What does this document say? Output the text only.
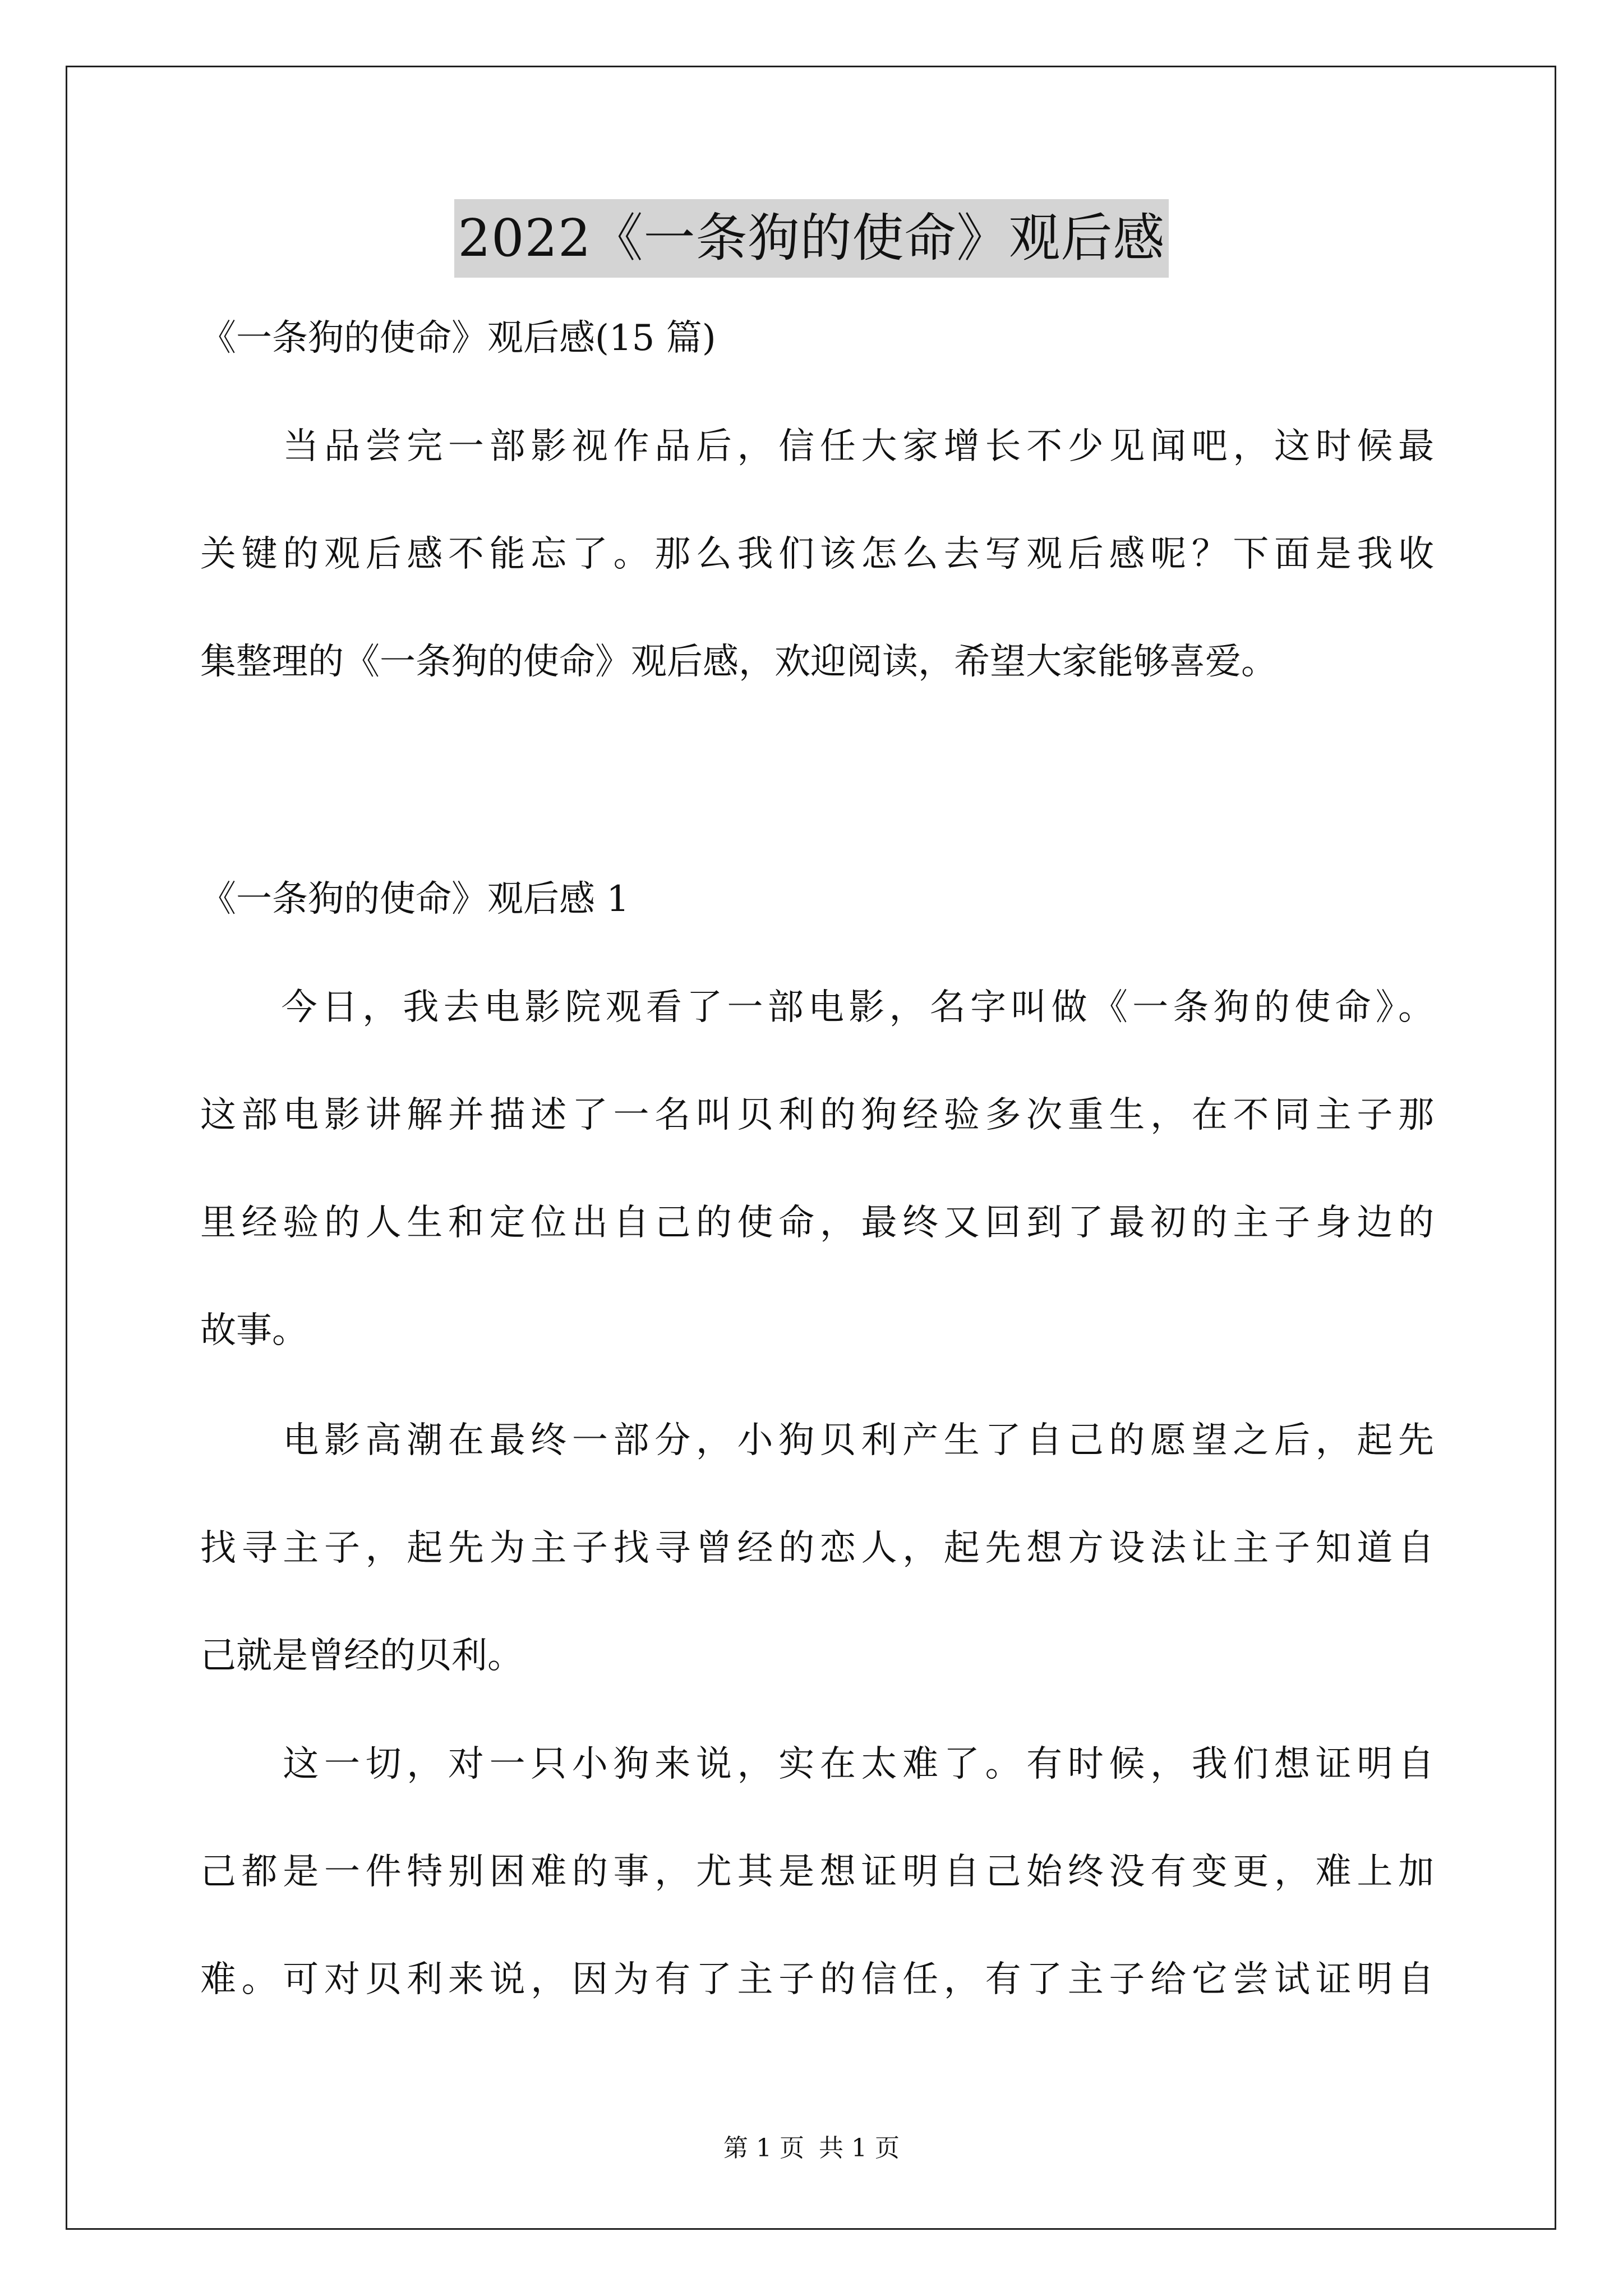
2022《一条狗的使命》观后感
《一条狗的使命》观后感(15 篇)
　　当品尝完一部影视作品后，信任大家增长不少见闻吧，这时候最
关键的观后感不能忘了。那么我们该怎么去写观后感呢？下面是我收
集整理的《一条狗的使命》观后感，欢迎阅读，希望大家能够喜爱。
《一条狗的使命》观后感 1
　　今日，我去电影院观看了一部电影，名字叫做《一条狗的使命》。
这部电影讲解并描述了一名叫贝利的狗经验多次重生，在不同主子那
里经验的人生和定位出自己的使命，最终又回到了最初的主子身边的
故事。
　　电影高潮在最终一部分，小狗贝利产生了自己的愿望之后，起先
找寻主子，起先为主子找寻曾经的恋人，起先想方设法让主子知道自
己就是曾经的贝利。
　　这一切，对一只小狗来说，实在太难了。有时候，我们想证明自
己都是一件特别困难的事，尤其是想证明自己始终没有变更，难上加
难。可对贝利来说，因为有了主子的信任，有了主子给它尝试证明自
第 1 页 共 1 页
